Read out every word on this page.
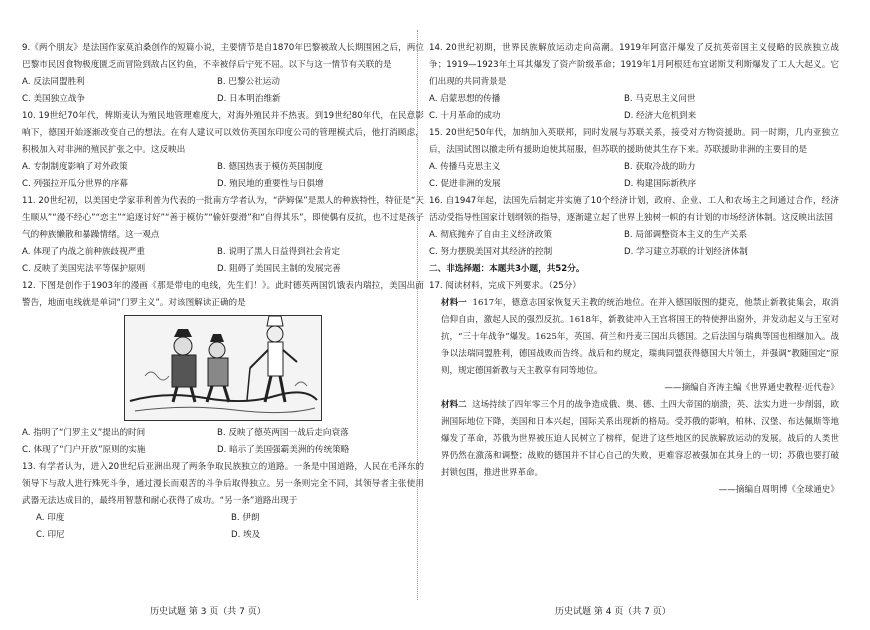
9.《两个朋友》是法国作家莫泊桑创作的短篇小说，主要情节是自1870年巴黎被敌人长期围困之后，两位巴黎市民因食物极度匮乏而冒险到敌占区钓鱼，不幸被俘后宁死不屈。以下与这一情节有关联的是

A. 反法同盟胜利	B. 巴黎公社运动
C. 美国独立战争	D. 日本明治维新

10. 19世纪70年代，俾斯麦认为殖民地管理难度大，对海外殖民并不热衷。到19世纪80年代，在民意影响下，德国开始逐渐改变自己的想法。在有人建议可以效仿英国东印度公司的管理模式后，他打消顾虑，积极加入对非洲的殖民扩张之中。这反映出

A. 专制制度影响了对外政策	B. 德国热衷于模仿英国制度
C. 列强拉开瓜分世界的序幕	D. 殖民地的重要性与日俱增

11. 20世纪初，以美国史学家菲利普为代表的一批南方学者认为，“萨姆保”是黑人的种族特性，特征是“天生顺从”“漫不经心”“恋主”“追逐讨好”“善于模仿”“偷奸耍滑”和“自得其乐”，即使偶有反抗，也不过是孩子气的种族懒散和暴躁情绪。这一观点

A. 体现了内战之前种族歧视严重	B. 说明了黑人日益得到社会肯定
C. 反映了美国宪法平等保护原则	D. 阻碍了美国民主制的发展完善

12. 下图是创作于1903年的漫画《那是带电的电线，先生们！》。此时德英两国饥饿表内瑞拉，美国出面警告，地面电线就是单词“门罗主义”。对该图解读正确的是

A. 指明了“门罗主义”提出的时间	B. 反映了德英两国一战后走向衰落
C. 体现了“门户开放”原则的实施	D. 暗示了美国强霸美洲的传统策略

13. 有学者认为，进入20世纪后亚洲出现了两条争取民族独立的道路。一条是中国道路，人民在毛泽东的领导下与敌人进行殊死斗争，通过漫长而艰苦的斗争后取得独立。另一条则完全不同，其领导者主张使用武器无法达成目的，最终用智慧和耐心获得了成功。“另一条”道路出现于

A. 印度	B. 伊朗
C. 印尼	D. 埃及

14. 20世纪初期，世界民族解放运动走向高潮。1919年阿富汗爆发了反抗英帝国主义侵略的民族独立战争；1919—1923年土耳其爆发了资产阶级革命；1919年1月阿根廷布宜诺斯艾利斯爆发了工人大起义。它们出现的共同背景是

A. 启蒙思想的传播	B. 马克思主义问世
C. 十月革命的成功	D. 经济大危机到来

15. 20世纪50年代，加纳加入英联邦，同时发展与苏联关系，接受对方物资援助。同一时期，几内亚独立后，法国试图以撤走所有援助迫使其屈服，但苏联的援助使其生存下来。苏联援助非洲的主要目的是

A. 传播马克思主义	B. 获取冷战的助力
C. 促进非洲的发展	D. 构建国际新秩序

16. 自1947年起，法国先后制定并实施了10个经济计划，政府、企业、工人和农场主之间通过合作，经济活动受指导性国家计划纲领的指导，逐渐建立起了世界上独树一帜的有计划的市场经济体制。这反映出法国

A. 彻底抛弃了自由主义经济政策	B. 局部调整资本主义的生产关系
C. 努力摆脱美国对其经济的控制	D. 学习建立苏联的计划经济体制

二、非选择题：本题共3小题，共52分。

17. 阅读材料，完成下列要求。（25分）

材料一 1617年，德意志国家恢复天主教的统治地位。在并入德国版图的捷克，他禁止新教徒集会，取消信仰自由，激起人民的强烈反抗。1618年，新教徒冲入王宫将国王的特使押出窗外，并发动起义与王室对抗，“三十年战争”爆发。1625年，英国、荷兰和丹麦三国出兵德国。之后法国与瑞典等国也相继加入。战争以法瑞同盟胜利，德国战败而告终。战后和约规定，瑞典同盟获得德国大片领土，并强调“教随国定”原则，规定德国新教与天主教享有同等地位。

——摘编自齐涛主编《世界通史教程·近代卷》

材料二 这场持续了四年零三个月的战争造成俄、奥、德、土四大帝国的崩溃，英、法实力进一步削弱，欧洲国际地位下降，美国和日本兴起，国际关系出现新的格局。受苏俄的影响，柏林、汉堡、布达佩斯等地爆发了革命，苏俄为世界被压迫人民树立了榜样，促进了这些地区的民族解放运动的发展。战后的人类世界仍然在激荡和调整；战败的德国并不甘心自己的失败，更难容忍被强加在其身上的一切；苏俄也要打破封锁包围，推进世界革命。

——摘编自周明博《全球通史》

历史试题 第 3 页（共 7 页）	历史试题 第 4 页（共 7 页）
